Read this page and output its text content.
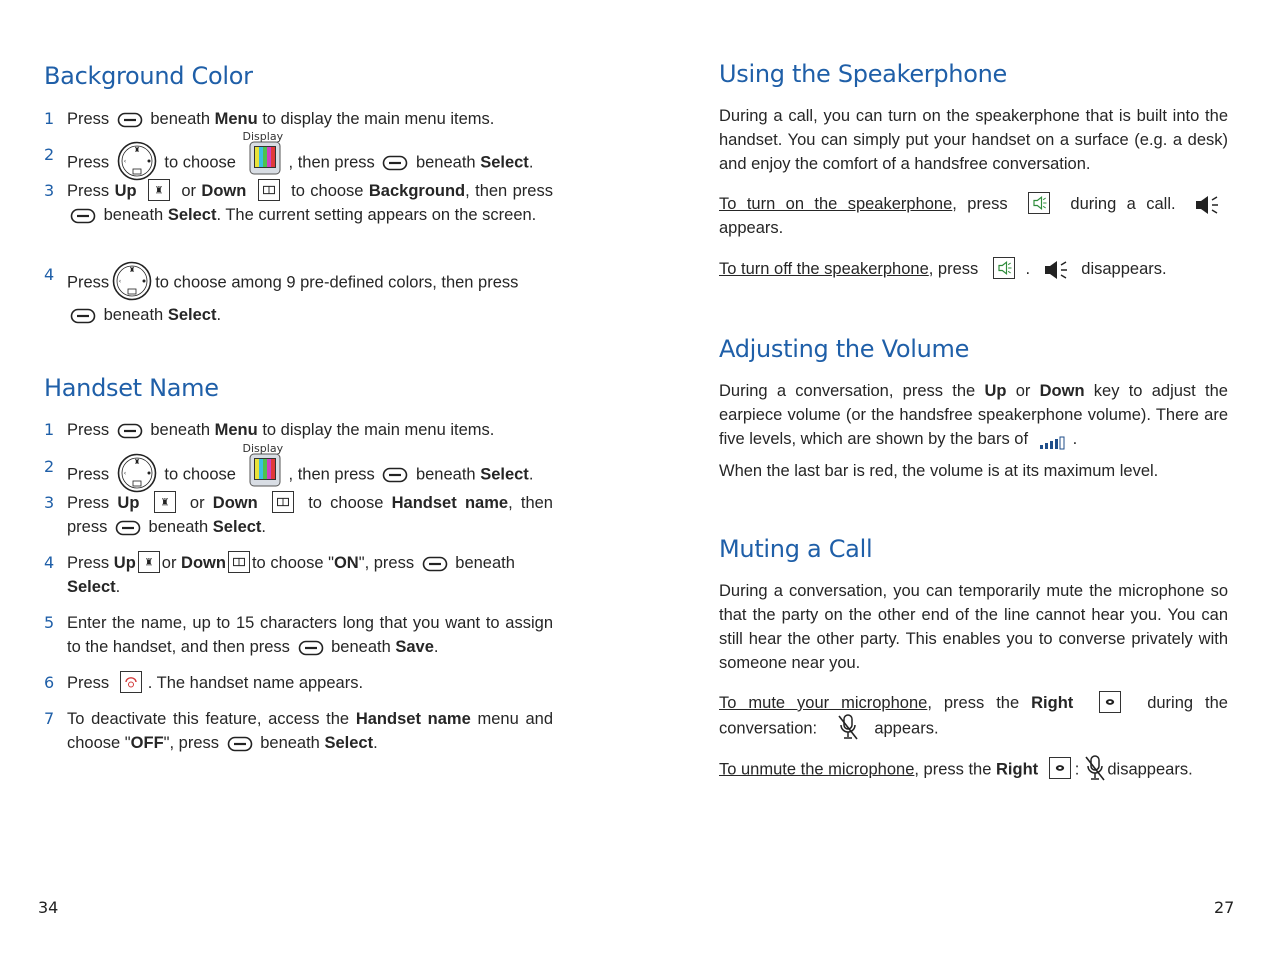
Background Color
1 Press beneath Menu to display the main menu items.
2 Press	to choose
Display
, then press beneath Select.
3 Press Up	or Down	to choose Background, then press  beneath Select. The current setting appears on the screen.
4 Press	to choose among 9 pre-defined colors, then press
beneath Select.
Handset Name
1 Press beneath Menu to display the main menu items.
2 Press	to choose
Display
, then press beneath Select.
3 Press Up	or Down	to choose Handset name, then press beneath Select.
4 Press Up or Down to choose "ON", press beneath Select.
5 Enter the name, up to 15 characters long that you want to assign to the handset, and then press beneath Save.
6 Press . The handset name appears.
7 To deactivate this feature, access the Handset name menu and choose "OFF", press beneath Select.
34
Using the Speakerphone
During a call, you can turn on the speakerphone that is built into the handset. You can simply put your handset on a surface (e.g. a desk) and enjoy the comfort of a handsfree conversation.
To turn on the speakerphone, press	during a call.  appears.
To turn off the speakerphone, press	.	disappears.
Adjusting the Volume
During a conversation, press the Up or Down key to adjust the earpiece volume (or the handsfree speakerphone volume). There are five levels, which are shown by the bars of	.
When the last bar is red, the volume is at its maximum level.
Muting a Call
During a conversation, you can temporarily mute the microphone so that the party on the other end of the line cannot hear you. You can still hear the other party. This enables you to converse privately with someone near you.
To mute your microphone, press the Right	during the conversation:	appears.
To unmute the microphone, press the Right : disappears.
27
